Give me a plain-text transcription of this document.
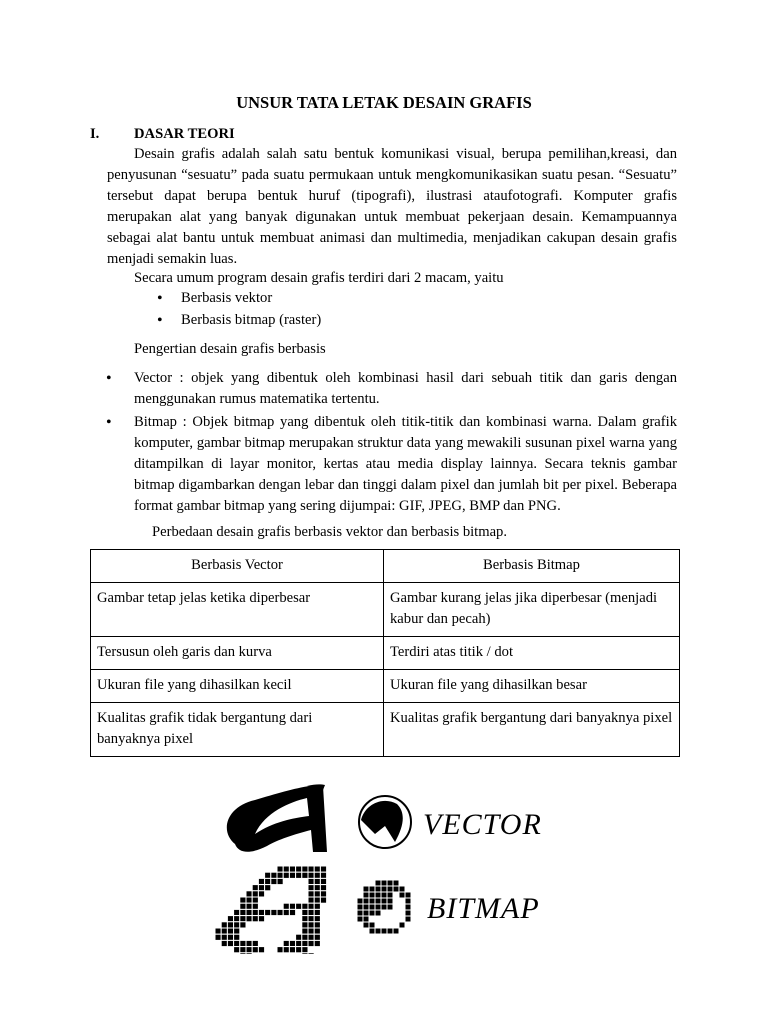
UNSUR TATA LETAK DESAIN GRAFIS
I. DASAR TEORI
Desain grafis adalah salah satu bentuk komunikasi visual, berupa pemilihan,kreasi, dan penyusunan “sesuatu” pada suatu permukaan untuk mengkomunikasikan suatu pesan. “Sesuatu” tersebut dapat berupa bentuk huruf (tipografi), ilustrasi ataufotografi. Komputer grafis merupakan alat yang banyak digunakan untuk membuat pekerjaan desain. Kemampuannya sebagai alat bantu untuk membuat animasi dan multimedia, menjadikan cakupan desain grafis menjadi semakin luas.
Secara umum program desain grafis terdiri dari 2 macam, yaitu
• Berbasis vektor
• Berbasis bitmap (raster)
Pengertian desain grafis berbasis
• Vector : objek yang dibentuk oleh kombinasi hasil dari sebuah titik dan garis dengan menggunakan rumus matematika tertentu.
• Bitmap : Objek bitmap yang dibentuk oleh titik-titik dan kombinasi warna. Dalam grafik komputer, gambar bitmap merupakan struktur data yang mewakili susunan pixel warna yang ditampilkan di layar monitor, kertas atau media display lainnya. Secara teknis gambar bitmap digambarkan dengan lebar dan tinggi dalam pixel dan jumlah bit per pixel. Beberapa format gambar bitmap yang sering dijumpai: GIF, JPEG, BMP dan PNG.
Perbedaan desain grafis berbasis vektor dan berbasis bitmap.
Berbasis Vector	Berbasis Bitmap
Gambar tetap jelas ketika diperbesar	Gambar kurang jelas jika diperbesar (menjadi kabur dan pecah)
Tersusun oleh garis dan kurva	Terdiri atas titik / dot
Ukuran file yang dihasilkan kecil	Ukuran file yang dihasilkan besar
Kualitas grafik tidak bergantung dari banyaknya pixel	Kualitas grafik bergantung dari banyaknya pixel
VECTOR
BITMAP
